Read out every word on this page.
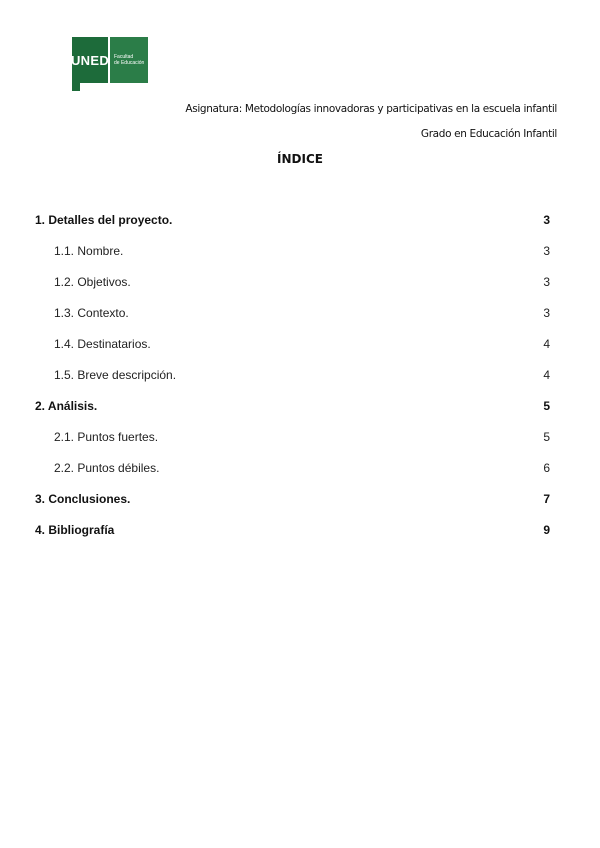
UNED Facultad
de Educación
Asignatura: Metodologías innovadoras y participativas en la escuela infantil
Grado en Educación Infantil
ÍNDICE
1. Detalles del proyecto.	3
1.1. Nombre.	3
1.2. Objetivos.	3
1.3. Contexto.	3
1.4. Destinatarios.	4
1.5. Breve descripción.	4
2. Análisis.	5
2.1. Puntos fuertes.	5
2.2. Puntos débiles.	6
3. Conclusiones.	7
4. Bibliografía	9
